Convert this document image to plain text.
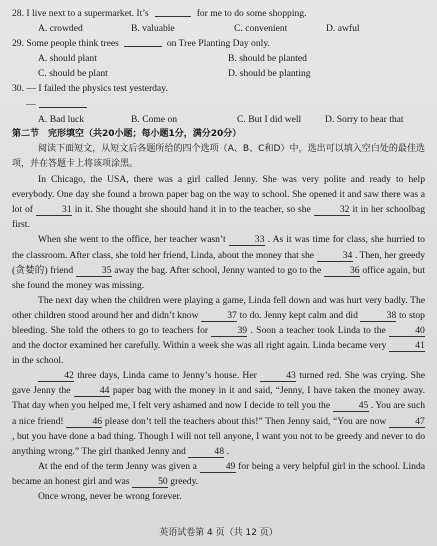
28. I live next to a supermarket. It’s	for me to do some shopping.
A. crowded	B. valuable	C. convenient	D. awful
29. Some people think trees	on Tree Planting Day only.
A. should plant	B. should be planted
C. should be plant	D. should be planting
30. — I failed the physics test yesterday.
—
A. Bad luck	B. Come on	C. But I did well	D. Sorry to hear that
第二节　完形填空（共20小题；每小题1分，满分20分）
阅读下面短文，从短文后各题所给的四个选项（A、B、C和D）中，选出可以填入空白处的最佳选项，并在答题卡上将该项涂黑。
In Chicago, the USA, there was a girl called Jenny. She was very polite and ready to help everybody. One day she found a brown paper bag on the way to school. She opened it and saw there was a lot of	31 in it. She thought she should hand it in to the teacher, so she	32 it in her schoolbag first.
When she went to the office, her teacher wasn’t	33 . As it was time for class, she hurried to the classroom. After class, she told her friend, Linda, about the money that she	34 . Then, her greedy (贪婪的) friend	35 away the bag. After school, Jenny wanted to go to the	36 office again, but she found the money was missing.
The next day when the children were playing a game, Linda fell down and was hurt very badly. The other children stood around her and didn’t know	37 to do. Jenny kept calm and did	38 to stop bleeding. She told the others to go to teachers for	39 . Soon a teacher took Linda to the	40 and the doctor examined her carefully. Within a week she was all right again. Linda became very	41 in the school.
42 three days, Linda came to Jenny’s house. Her	43 turned red. She was crying. She gave Jenny the	44 paper bag with the money in it and said, “Jenny, I have taken the money away. That day when you helped me, I felt very ashamed and now I decide to tell you the	45 . You are such a nice friend!	46 please don’t tell the teachers about this!” Then Jenny said, “You are now	47 , but you have done a bad thing. Though I will not tell anyone, I want you not to be greedy and never to do anything wrong.” The girl thanked Jenny and	48 .
At the end of the term Jenny was given a	49 for being a very helpful girl in the school. Linda became an honest girl and was	50 greedy.
Once wrong, never be wrong forever.
英语试卷第 4 页（共 12 页）
